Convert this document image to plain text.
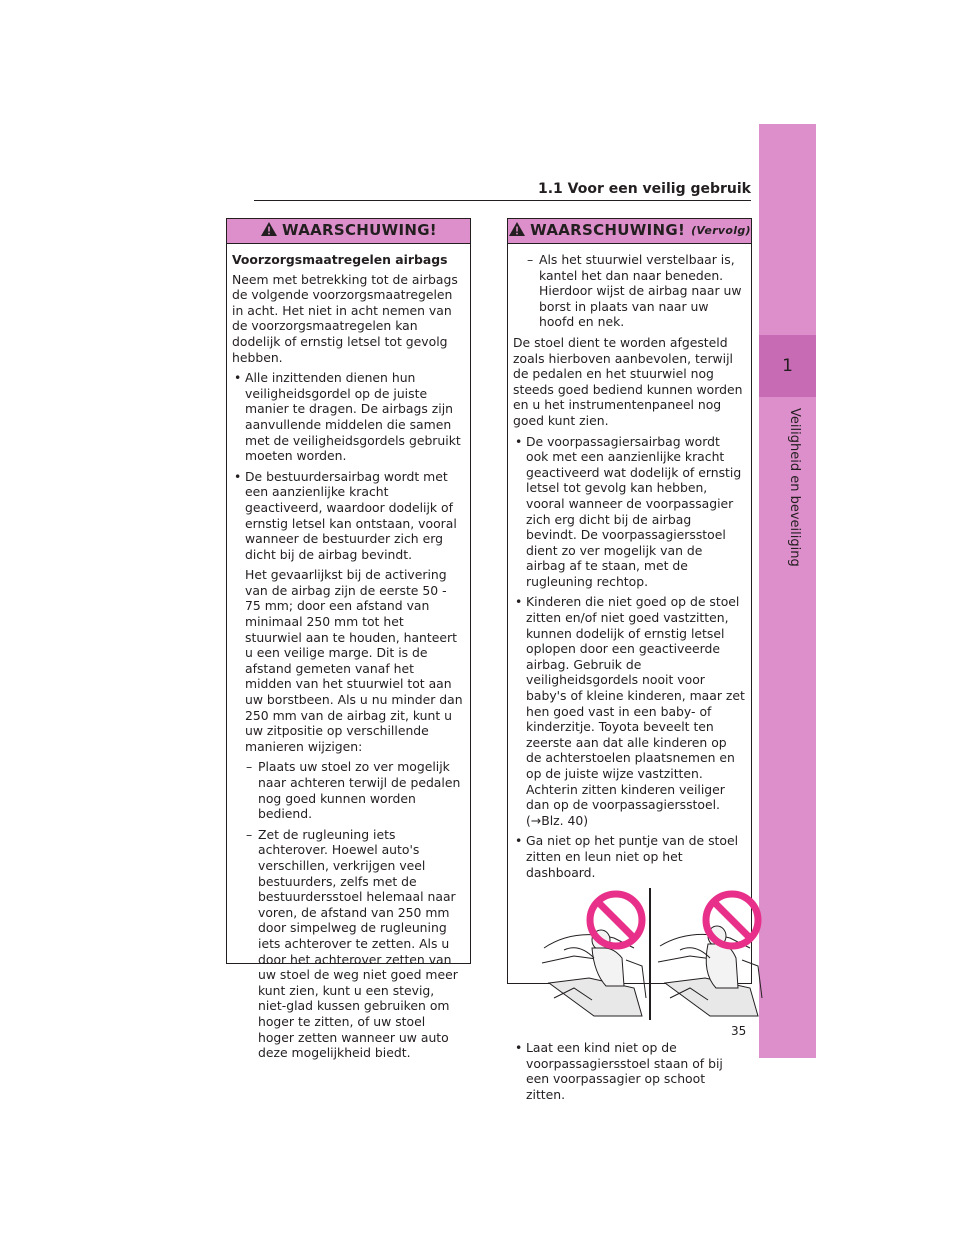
1
Veiligheid en beveiliging
1.1 Voor een veilig gebruik
WAARSCHUWING!

Voorzorgsmaatregelen airbags

Neem met betrekking tot de airbags de volgende voorzorgsmaatregelen in acht. Het niet in acht nemen van de voorzorgsmaatregelen kan dodelijk of ernstig letsel tot gevolg hebben.

• Alle inzittenden dienen hun veiligheidsgordel op de juiste manier te dragen. De airbags zijn aanvullende middelen die samen met de veiligheidsgordels gebruikt moeten worden.

• De bestuurdersairbag wordt met een aanzienlijke kracht geactiveerd, waardoor dodelijk of ernstig letsel kan ontstaan, vooral wanneer de bestuurder zich erg dicht bij de airbag bevindt.

Het gevaarlijkst bij de activering van de airbag zijn de eerste 50 - 75 mm; door een afstand van minimaal 250 mm tot het stuurwiel aan te houden, hanteert u een veilige marge. Dit is de afstand gemeten vanaf het midden van het stuurwiel tot aan uw borstbeen. Als u nu minder dan 250 mm van de airbag zit, kunt u uw zitpositie op verschillende manieren wijzigen:

– Plaats uw stoel zo ver mogelijk naar achteren terwijl de pedalen nog goed kunnen worden bediend.

– Zet de rugleuning iets achterover. Hoewel auto's verschillen, verkrijgen veel bestuurders, zelfs met de bestuurdersstoel helemaal naar voren, de afstand van 250 mm door simpelweg de rugleuning iets achterover te zetten. Als u door het achterover zetten van uw stoel de weg niet goed meer kunt zien, kunt u een stevig, niet-glad kussen gebruiken om hoger te zitten, of uw stoel hoger zetten wanneer uw auto deze mogelijkheid biedt.

WAARSCHUWING! (Vervolg)

– Als het stuurwiel verstelbaar is, kantel het dan naar beneden. Hierdoor wijst de airbag naar uw borst in plaats van naar uw hoofd en nek.

De stoel dient te worden afgesteld zoals hierboven aanbevolen, terwijl de pedalen en het stuurwiel nog steeds goed bediend kunnen worden en u het instrumentenpaneel nog goed kunt zien.

• De voorpassagiersairbag wordt ook met een aanzienlijke kracht geactiveerd wat dodelijk of ernstig letsel tot gevolg kan hebben, vooral wanneer de voorpassagier zich erg dicht bij de airbag bevindt. De voorpassagiersstoel dient zo ver mogelijk van de airbag af te staan, met de rugleuning rechtop.

• Kinderen die niet goed op de stoel zitten en/of niet goed vastzitten, kunnen dodelijk of ernstig letsel oplopen door een geactiveerde airbag. Gebruik de veiligheidsgordels nooit voor baby's of kleine kinderen, maar zet hen goed vast in een baby- of kinderzitje. Toyota beveelt ten zeerste aan dat alle kinderen op de achterstoelen plaatsnemen en op de juiste wijze vastzitten. Achterin zitten kinderen veiliger dan op de voorpassagiersstoel. (→Blz. 40)

• Ga niet op het puntje van de stoel zitten en leun niet op het dashboard.

• Laat een kind niet op de voorpassagiersstoel staan of bij een voorpassagier op schoot zitten.

35
